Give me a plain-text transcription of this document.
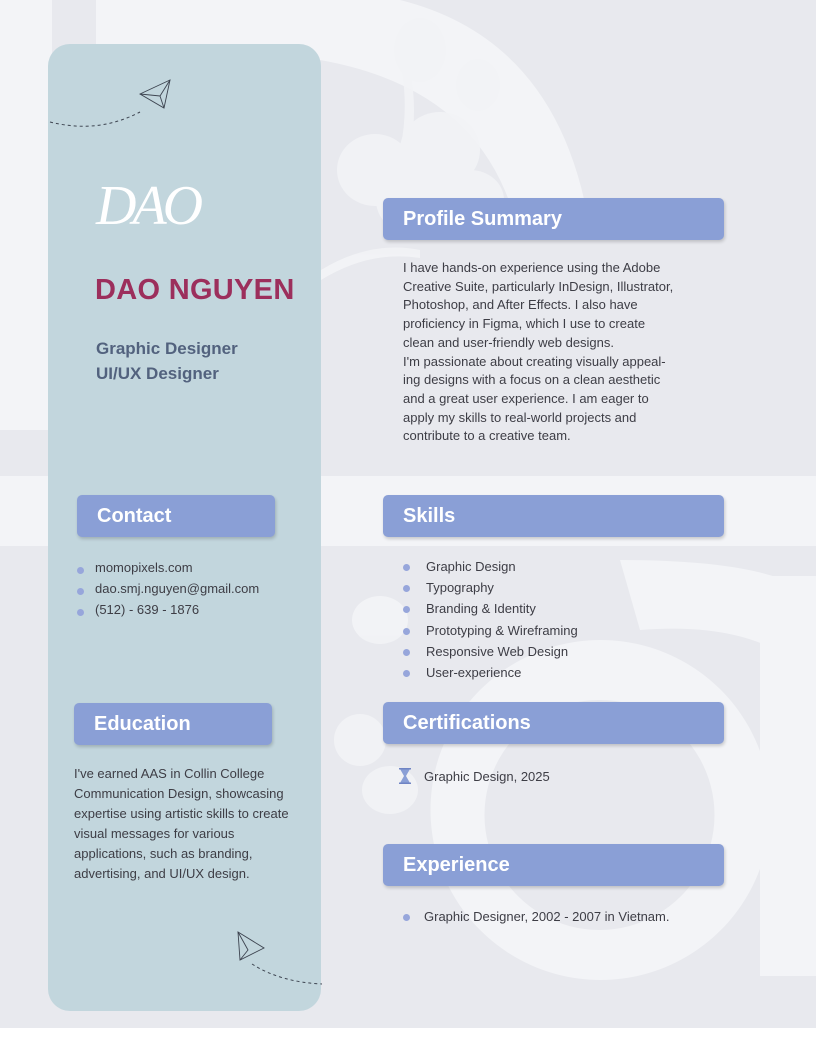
DAO
DAO NGUYEN
Graphic Designer
UI/UX Designer
Contact
momopixels.com
dao.smj.nguyen@gmail.com
(512) - 639 - 1876
Education
I've earned AAS in Collin College
Communication Design, showcasing
expertise using artistic skills to create
visual messages for various
applications, such as branding,
advertising, and UI/UX design.
Profile Summary
I have hands-on experience using the Adobe
Creative Suite, particularly InDesign, Illustrator,
Photoshop, and After Effects. I also have
proficiency in Figma, which I use to create
clean and user-friendly web designs.
I'm passionate about creating visually appeal-
ing designs with a focus on a clean aesthetic
and a great user experience. I am eager to
apply my skills to real-world projects and
contribute to a creative team.
Skills
Graphic Design
Typography
Branding & Identity
Prototyping & Wireframing
Responsive Web Design
User-experience
Certifications
Graphic Design, 2025
Experience
Graphic Designer, 2002 - 2007 in Vietnam.
